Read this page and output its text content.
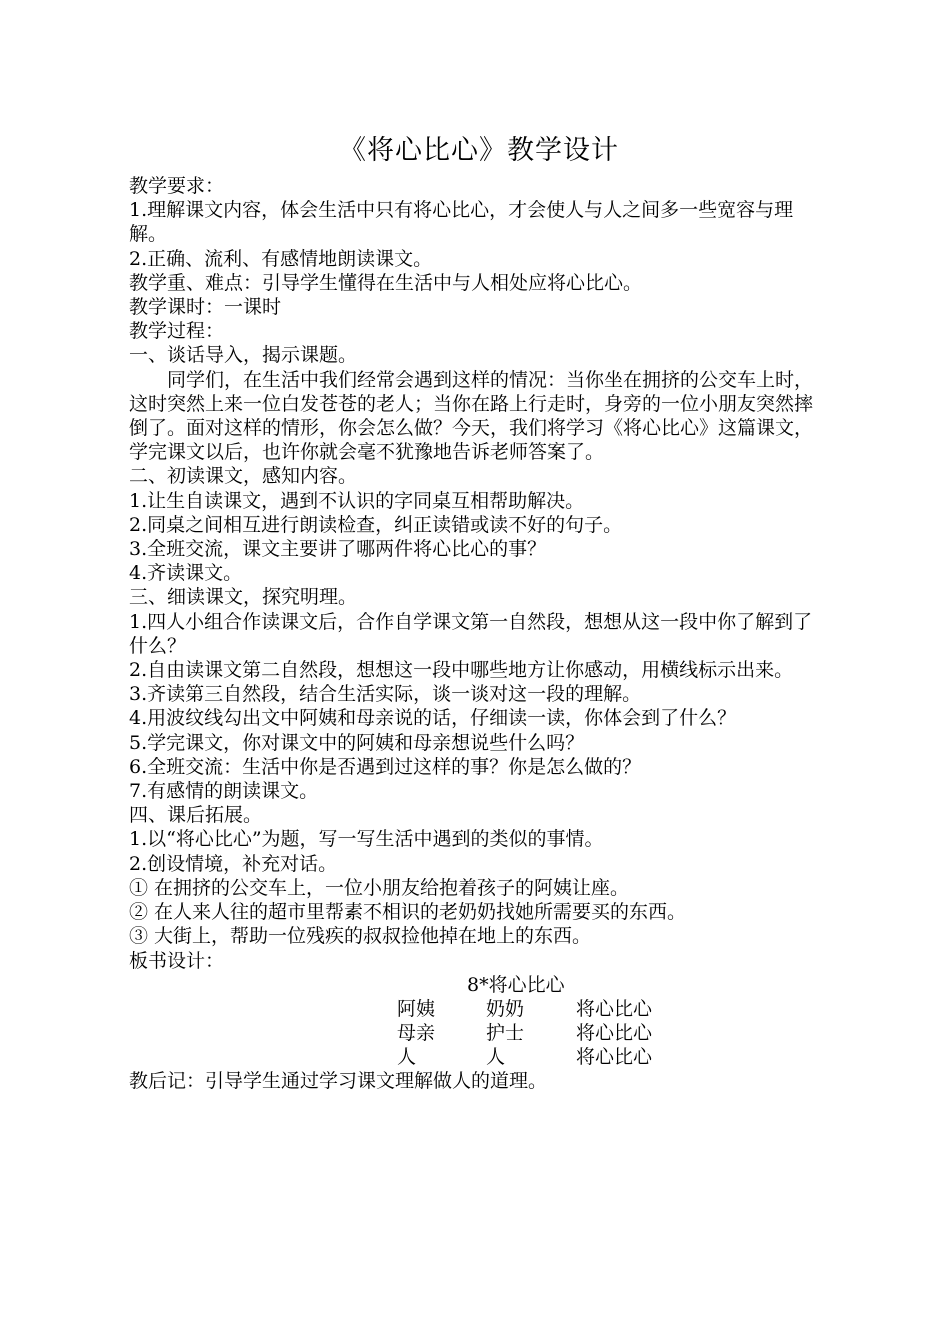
《将心比心》教学设计

教学要求：

1.理解课文内容，体会生活中只有将心比心，才会使人与人之间多一些宽容与理解。

2.正确、流利、有感情地朗读课文。

教学重、难点：引导学生懂得在生活中与人相处应将心比心。

教学课时：一课时

教学过程：

一、谈话导入，揭示课题。

同学们，在生活中我们经常会遇到这样的情况：当你坐在拥挤的公交车上时，这时突然上来一位白发苍苍的老人；当你在路上行走时，身旁的一位小朋友突然摔倒了。面对这样的情形，你会怎么做？今天，我们将学习《将心比心》这篇课文，学完课文以后，也许你就会毫不犹豫地告诉老师答案了。

二、初读课文，感知内容。

1.让生自读课文，遇到不认识的字同桌互相帮助解决。

2.同桌之间相互进行朗读检查，纠正读错或读不好的句子。

3.全班交流，课文主要讲了哪两件将心比心的事？

4.齐读课文。

三、细读课文，探究明理。

1.四人小组合作读课文后，合作自学课文第一自然段，想想从这一段中你了解到了什么？

2.自由读课文第二自然段，想想这一段中哪些地方让你感动，用横线标示出来。

3.齐读第三自然段，结合生活实际，谈一谈对这一段的理解。

4.用波纹线勾出文中阿姨和母亲说的话，仔细读一读，你体会到了什么？

5.学完课文，你对课文中的阿姨和母亲想说些什么吗？

6.全班交流：生活中你是否遇到过这样的事？你是怎么做的？

7.有感情的朗读课文。

四、课后拓展。

1.以“将心比心”为题，写一写生活中遇到的类似的事情。

2.创设情境，补充对话。

① 在拥挤的公交车上，一位小朋友给抱着孩子的阿姨让座。

② 在人来人往的超市里帮素不相识的老奶奶找她所需要买的东西。

③ 大街上，帮助一位残疾的叔叔捡他掉在地上的东西。

板书设计：

8*将心比心
阿姨	奶奶	将心比心
母亲	护士	将心比心
人	人	将心比心

教后记：引导学生通过学习课文理解做人的道理。
